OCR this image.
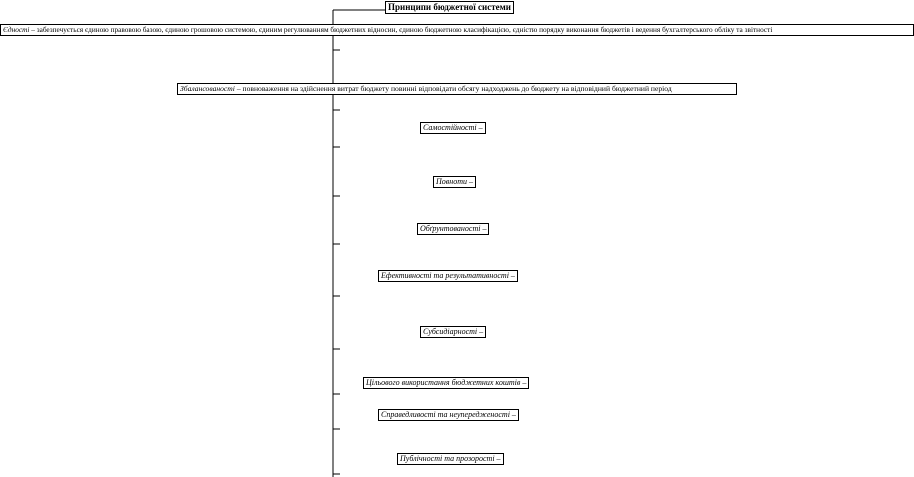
Принципи бюджетної системи
Єдності – забезпечується єдиною правовою базою, єдиною грошовою системою, єдиним регулюванням бюджетних відносин, єдиною бюджетною класифікацією, єдністю порядку виконання бюджетів і ведення бухгалтерського обліку та звітності
Збалансованості – повноваження на здійснення витрат бюджету повинні відповідати обсягу надходжень до бюджету на відповідний бюджетний період
Самостійності –
Повноти –
Обґрунтованості –
Ефективності та результативності –
Субсидіарності –
Цільового використання бюджетних коштів –
Справедливості та неупередженості –
Публічності та прозорості –
